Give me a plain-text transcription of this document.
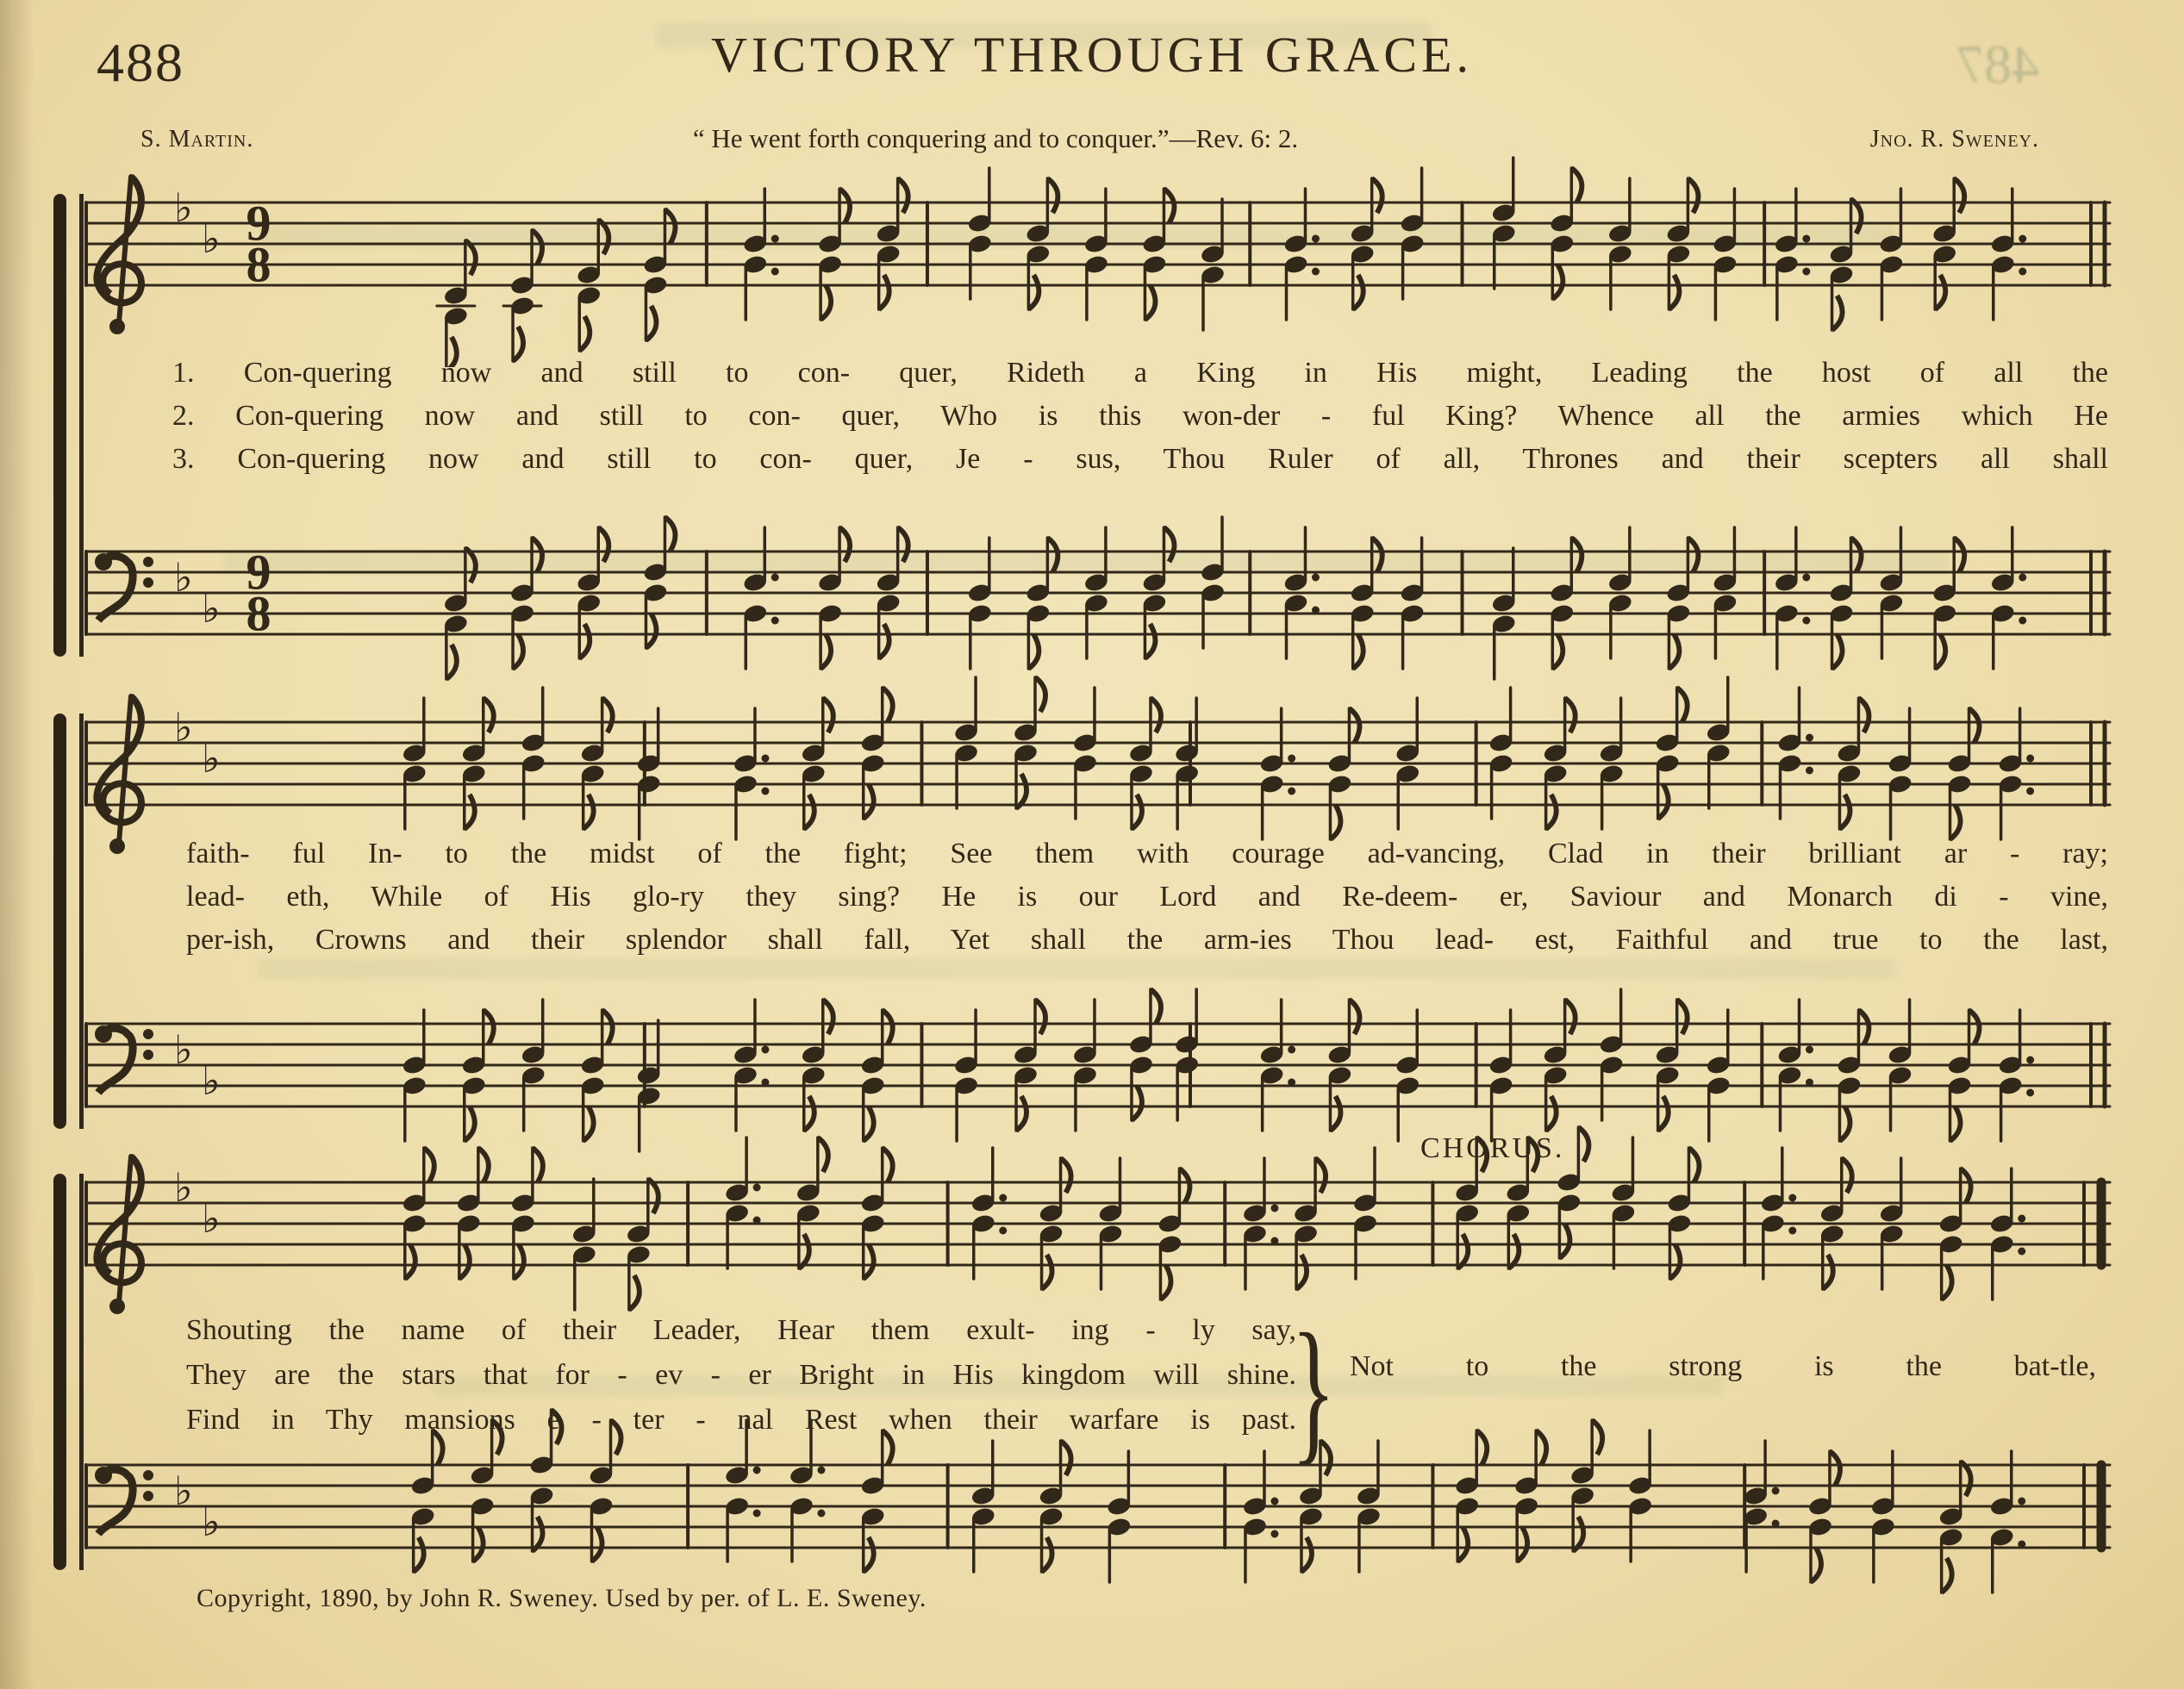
487
488	VICTORY THROUGH GRACE.
S. Martin.	“ He went forth conquering and to conquer.”—Rev. 6: 2.	Jno. R. Sweney.
♭
♭ 9
8
♭
♭
9
8
♭
♭
♭
♭
♭
♭
♭
♭
1. Con-quering now and still to con- quer, Rideth a King in His might, Leading the host of all the
2. Con-quering now and still to con- quer, Who is this won-der - ful King? Whence all the armies which He
3. Con-quering now and still to con- quer, Je - sus, Thou Ruler of all, Thrones and their scepters all shall
faith- ful In- to the midst of the fight; See them with courage ad-vancing, Clad in their brilliant ar - ray;
lead- eth, While of His glo-ry they sing? He is our Lord and Re-deem- er, Saviour and Monarch di - vine,
per-ish, Crowns and their splendor shall fall, Yet shall the arm-ies Thou lead- est, Faithful and true to the last,
CHORUS.
Shouting the name of their Leader, Hear them exult- ing - ly say,
They are the stars that for - ev - er Bright in His kingdom will shine.
Find in Thy mansions e - ter - nal Rest when their warfare is past.
} Not to the strong is the bat-tle,
Copyright, 1890, by John R. Sweney. Used by per. of L. E. Sweney.
